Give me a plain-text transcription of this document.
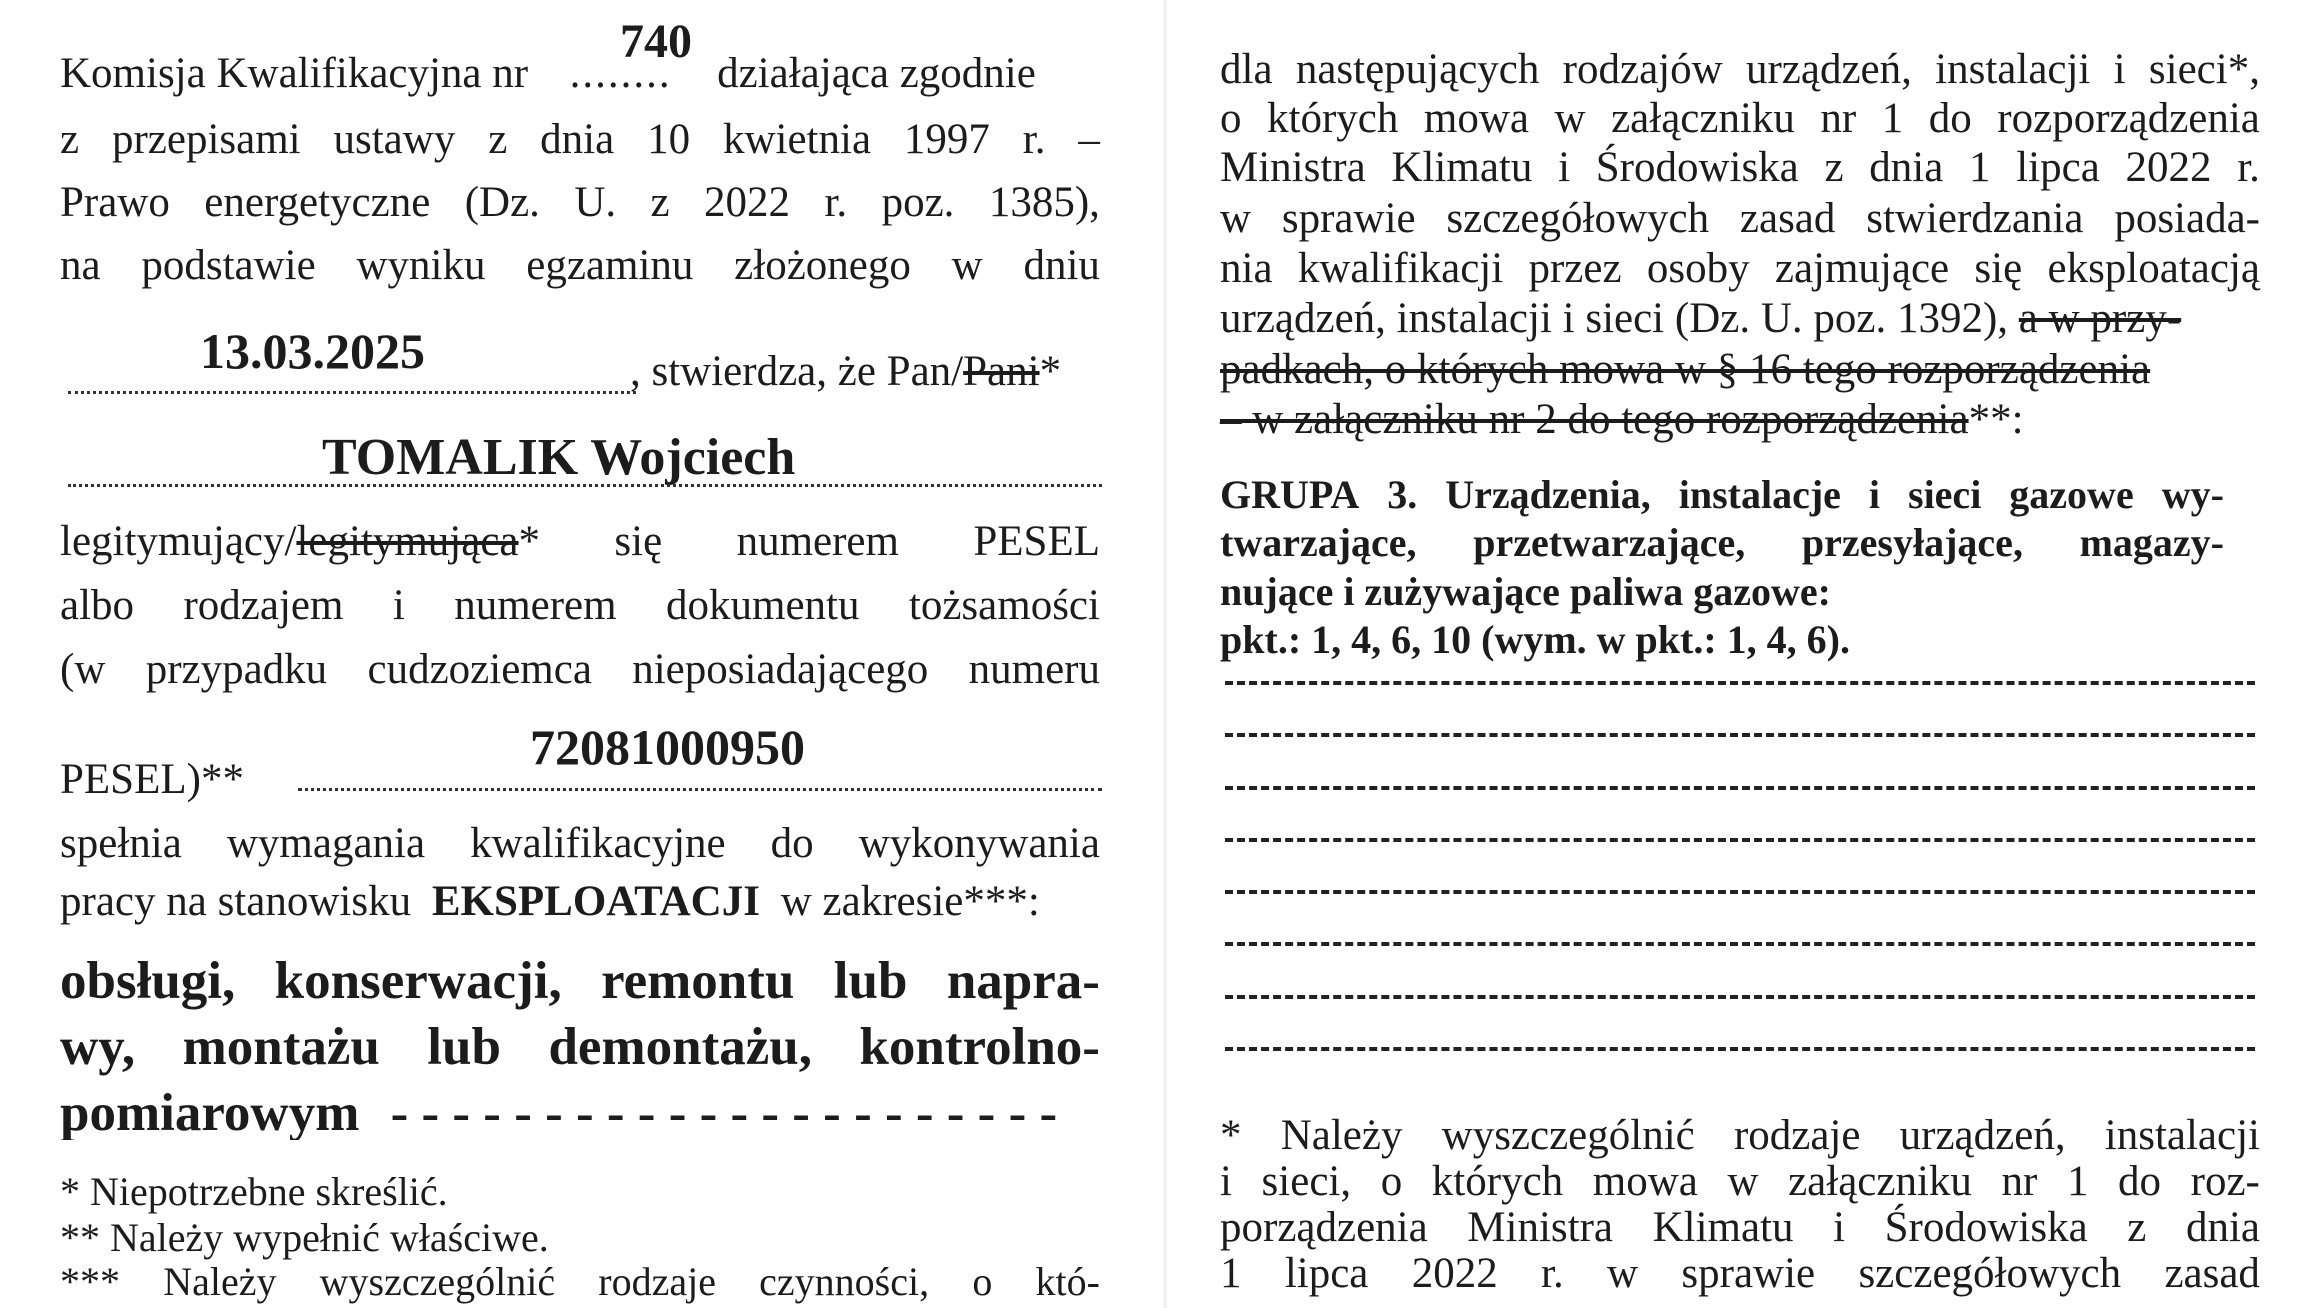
Komisja Kwalifikacyjna nr ........ działająca zgodnie
740
z przepisami ustawy z dnia 10 kwietnia 1997 r. –
Prawo energetyczne (Dz. U. z 2022 r. poz. 1385),
na podstawie wyniku egzaminu złożonego w dniu
13.03.2025	, stwierdza, że Pan/Pani*
TOMALIK Wojciech
legitymujący/legitymująca* się numerem PESEL
albo rodzajem i numerem dokumentu tożsamości
(w przypadku cudzoziemca nieposiadającego numeru
PESEL)**
72081000950
spełnia wymagania kwalifikacyjne do wykonywania
pracy na stanowisku EKSPLOATACJI w zakresie***:
obsługi, konserwacji, remontu lub napra-
wy, montażu lub demontażu, kontrolno-
pomiarowym - - - - - - - - - - - - - - - - - - - - - -
* Niepotrzebne skreślić.
** Należy wypełnić właściwe.
*** Należy wyszczególnić rodzaje czynności, o któ-
dla następujących rodzajów urządzeń, instalacji i sieci*,
o których mowa w załączniku nr 1 do rozporządzenia
Ministra Klimatu i Środowiska z dnia 1 lipca 2022 r.
w sprawie szczegółowych zasad stwierdzania posiada-
nia kwalifikacji przez osoby zajmujące się eksploatacją
urządzeń, instalacji i sieci (Dz. U. poz. 1392), a w przy-
padkach, o których mowa w § 16 tego rozporządzenia
– w załączniku nr 2 do tego rozporządzenia**:
GRUPA 3. Urządzenia, instalacje i sieci gazowe wy-
twarzające, przetwarzające, przesyłające, magazy-
nujące i zużywające paliwa gazowe:
pkt.: 1, 4, 6, 10 (wym. w pkt.: 1, 4, 6).
* Należy wyszczególnić rodzaje urządzeń, instalacji
i sieci, o których mowa w załączniku nr 1 do roz-
porządzenia Ministra Klimatu i Środowiska z dnia
1 lipca 2022 r. w sprawie szczegółowych zasad
